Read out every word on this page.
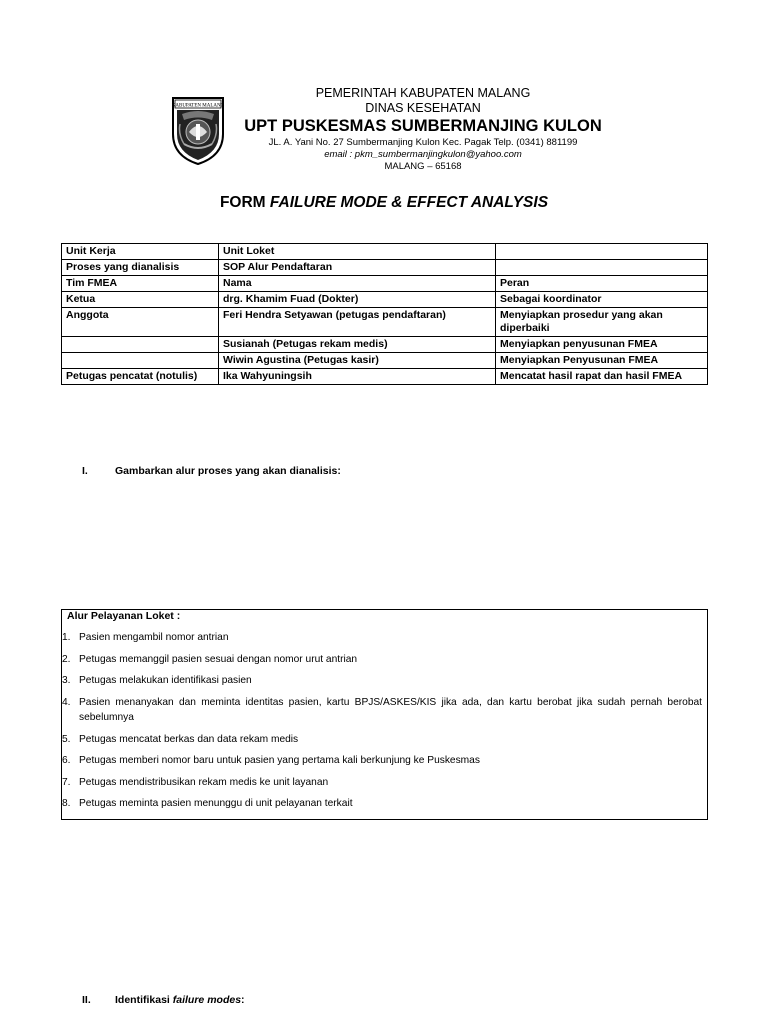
KABUPATEN MALANG
PEMERINTAH KABUPATEN MALANG
DINAS KESEHATAN
UPT PUSKESMAS SUMBERMANJING KULON
JL. A. Yani No. 27 Sumbermanjing Kulon Kec. Pagak Telp. (0341) 881199
email : pkm_sumbermanjingkulon@yahoo.com
MALANG – 65168
FORM FAILURE MODE & EFFECT ANALYSIS
Unit Kerja	Unit Loket	
Proses yang dianalisis	SOP Alur Pendaftaran	
Tim FMEA	Nama	Peran
Ketua	drg. Khamim Fuad (Dokter)	Sebagai koordinator
Anggota	Feri Hendra Setyawan (petugas pendaftaran)	Menyiapkan prosedur yang akan diperbaiki
	Susianah (Petugas rekam medis)	Menyiapkan penyusunan FMEA
	Wiwin Agustina (Petugas kasir)	Menyiapkan Penyusunan FMEA
Petugas pencatat (notulis)	Ika Wahyuningsih	Mencatat hasil rapat dan hasil FMEA
I.	Gambarkan alur proses yang akan dianalisis:
Alur Pelayanan Loket :
1. Pasien mengambil nomor antrian
2. Petugas memanggil pasien sesuai dengan nomor urut antrian
3. Petugas melakukan identifikasi pasien
4. Pasien menanyakan dan meminta identitas pasien, kartu BPJS/ASKES/KIS jika ada, dan kartu berobat jika sudah pernah berobat sebelumnya
5. Petugas mencatat berkas dan data rekam medis
6. Petugas memberi nomor baru untuk pasien yang pertama kali berkunjung ke Puskesmas
7. Petugas mendistribusikan rekam medis ke unit layanan
8. Petugas meminta pasien menunggu di unit pelayanan terkait
II. Identifikasi failure modes:
